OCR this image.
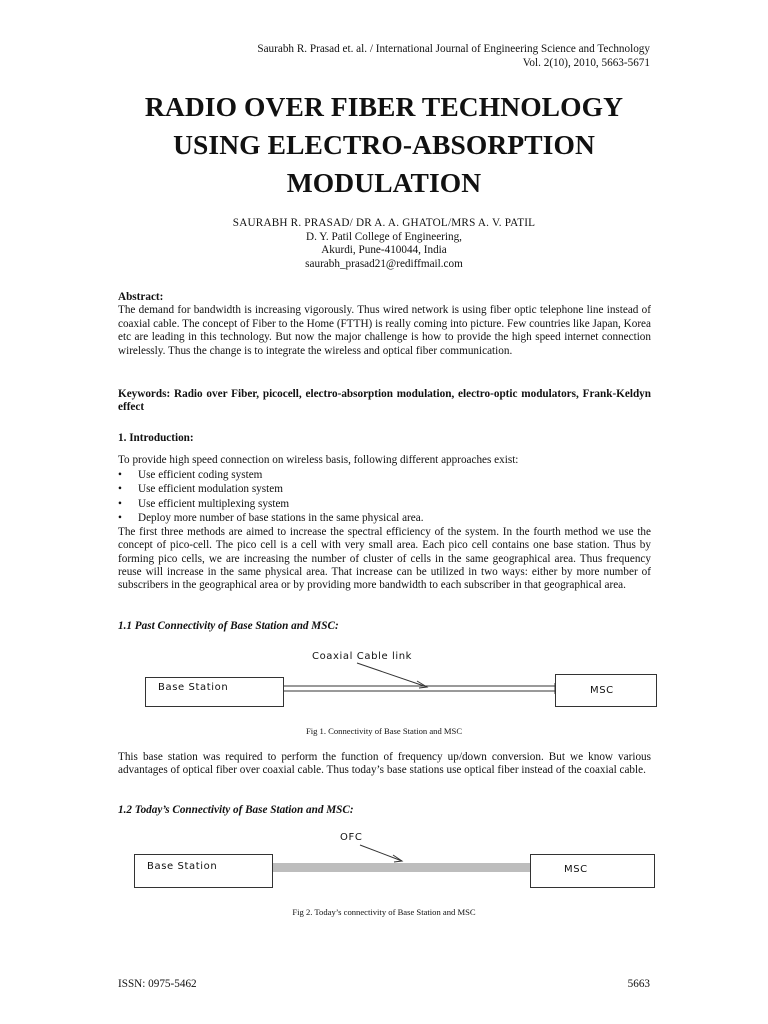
Saurabh R. Prasad et. al. / International Journal of Engineering Science and Technology
Vol. 2(10), 2010, 5663-5671
RADIO OVER FIBER TECHNOLOGY
USING ELECTRO-ABSORPTION
MODULATION
SAURABH R. PRASAD/ DR A. A. GHATOL/MRS A. V. PATIL
D. Y. Patil College of Engineering,
Akurdi, Pune-410044, India
saurabh_prasad21@rediffmail.com
Abstract:
The demand for bandwidth is increasing vigorously. Thus wired network is using fiber optic telephone line instead of coaxial cable. The concept of Fiber to the Home (FTTH) is really coming into picture. Few countries like Japan, Korea etc are leading in this technology. But now the major challenge is how to provide the high speed internet connection wirelessly. Thus the change is to integrate the wireless and optical fiber communication.
Keywords: Radio over Fiber, picocell, electro-absorption modulation, electro-optic modulators, Frank-Keldyn effect
1. Introduction:
To provide high speed connection on wireless basis, following different approaches exist:
• Use efficient coding system
• Use efficient modulation system
• Use efficient multiplexing system
• Deploy more number of base stations in the same physical area.
The first three methods are aimed to increase the spectral efficiency of the system. In the fourth method we use the concept of pico-cell. The pico cell is a cell with very small area. Each pico cell contains one base station. Thus by forming pico cells, we are increasing the number of cluster of cells in the same geographical area. Thus frequency reuse will increase in the same physical area. That increase can be utilized in two ways: either by more number of subscribers in the geographical area or by providing more bandwidth to each subscriber in that geographical area.
1.1 Past Connectivity of Base Station and MSC:
Coaxial Cable link
Base Station	MSC
Fig 1. Connectivity of Base Station and MSC
This base station was required to perform the function of frequency up/down conversion. But we know various advantages of optical fiber over coaxial cable. Thus today’s base stations use optical fiber instead of the coaxial cable.
1.2 Today’s Connectivity of Base Station and MSC:
OFC
Base Station	MSC
Fig 2. Today’s connectivity of Base Station and MSC
ISSN: 0975-5462	5663
